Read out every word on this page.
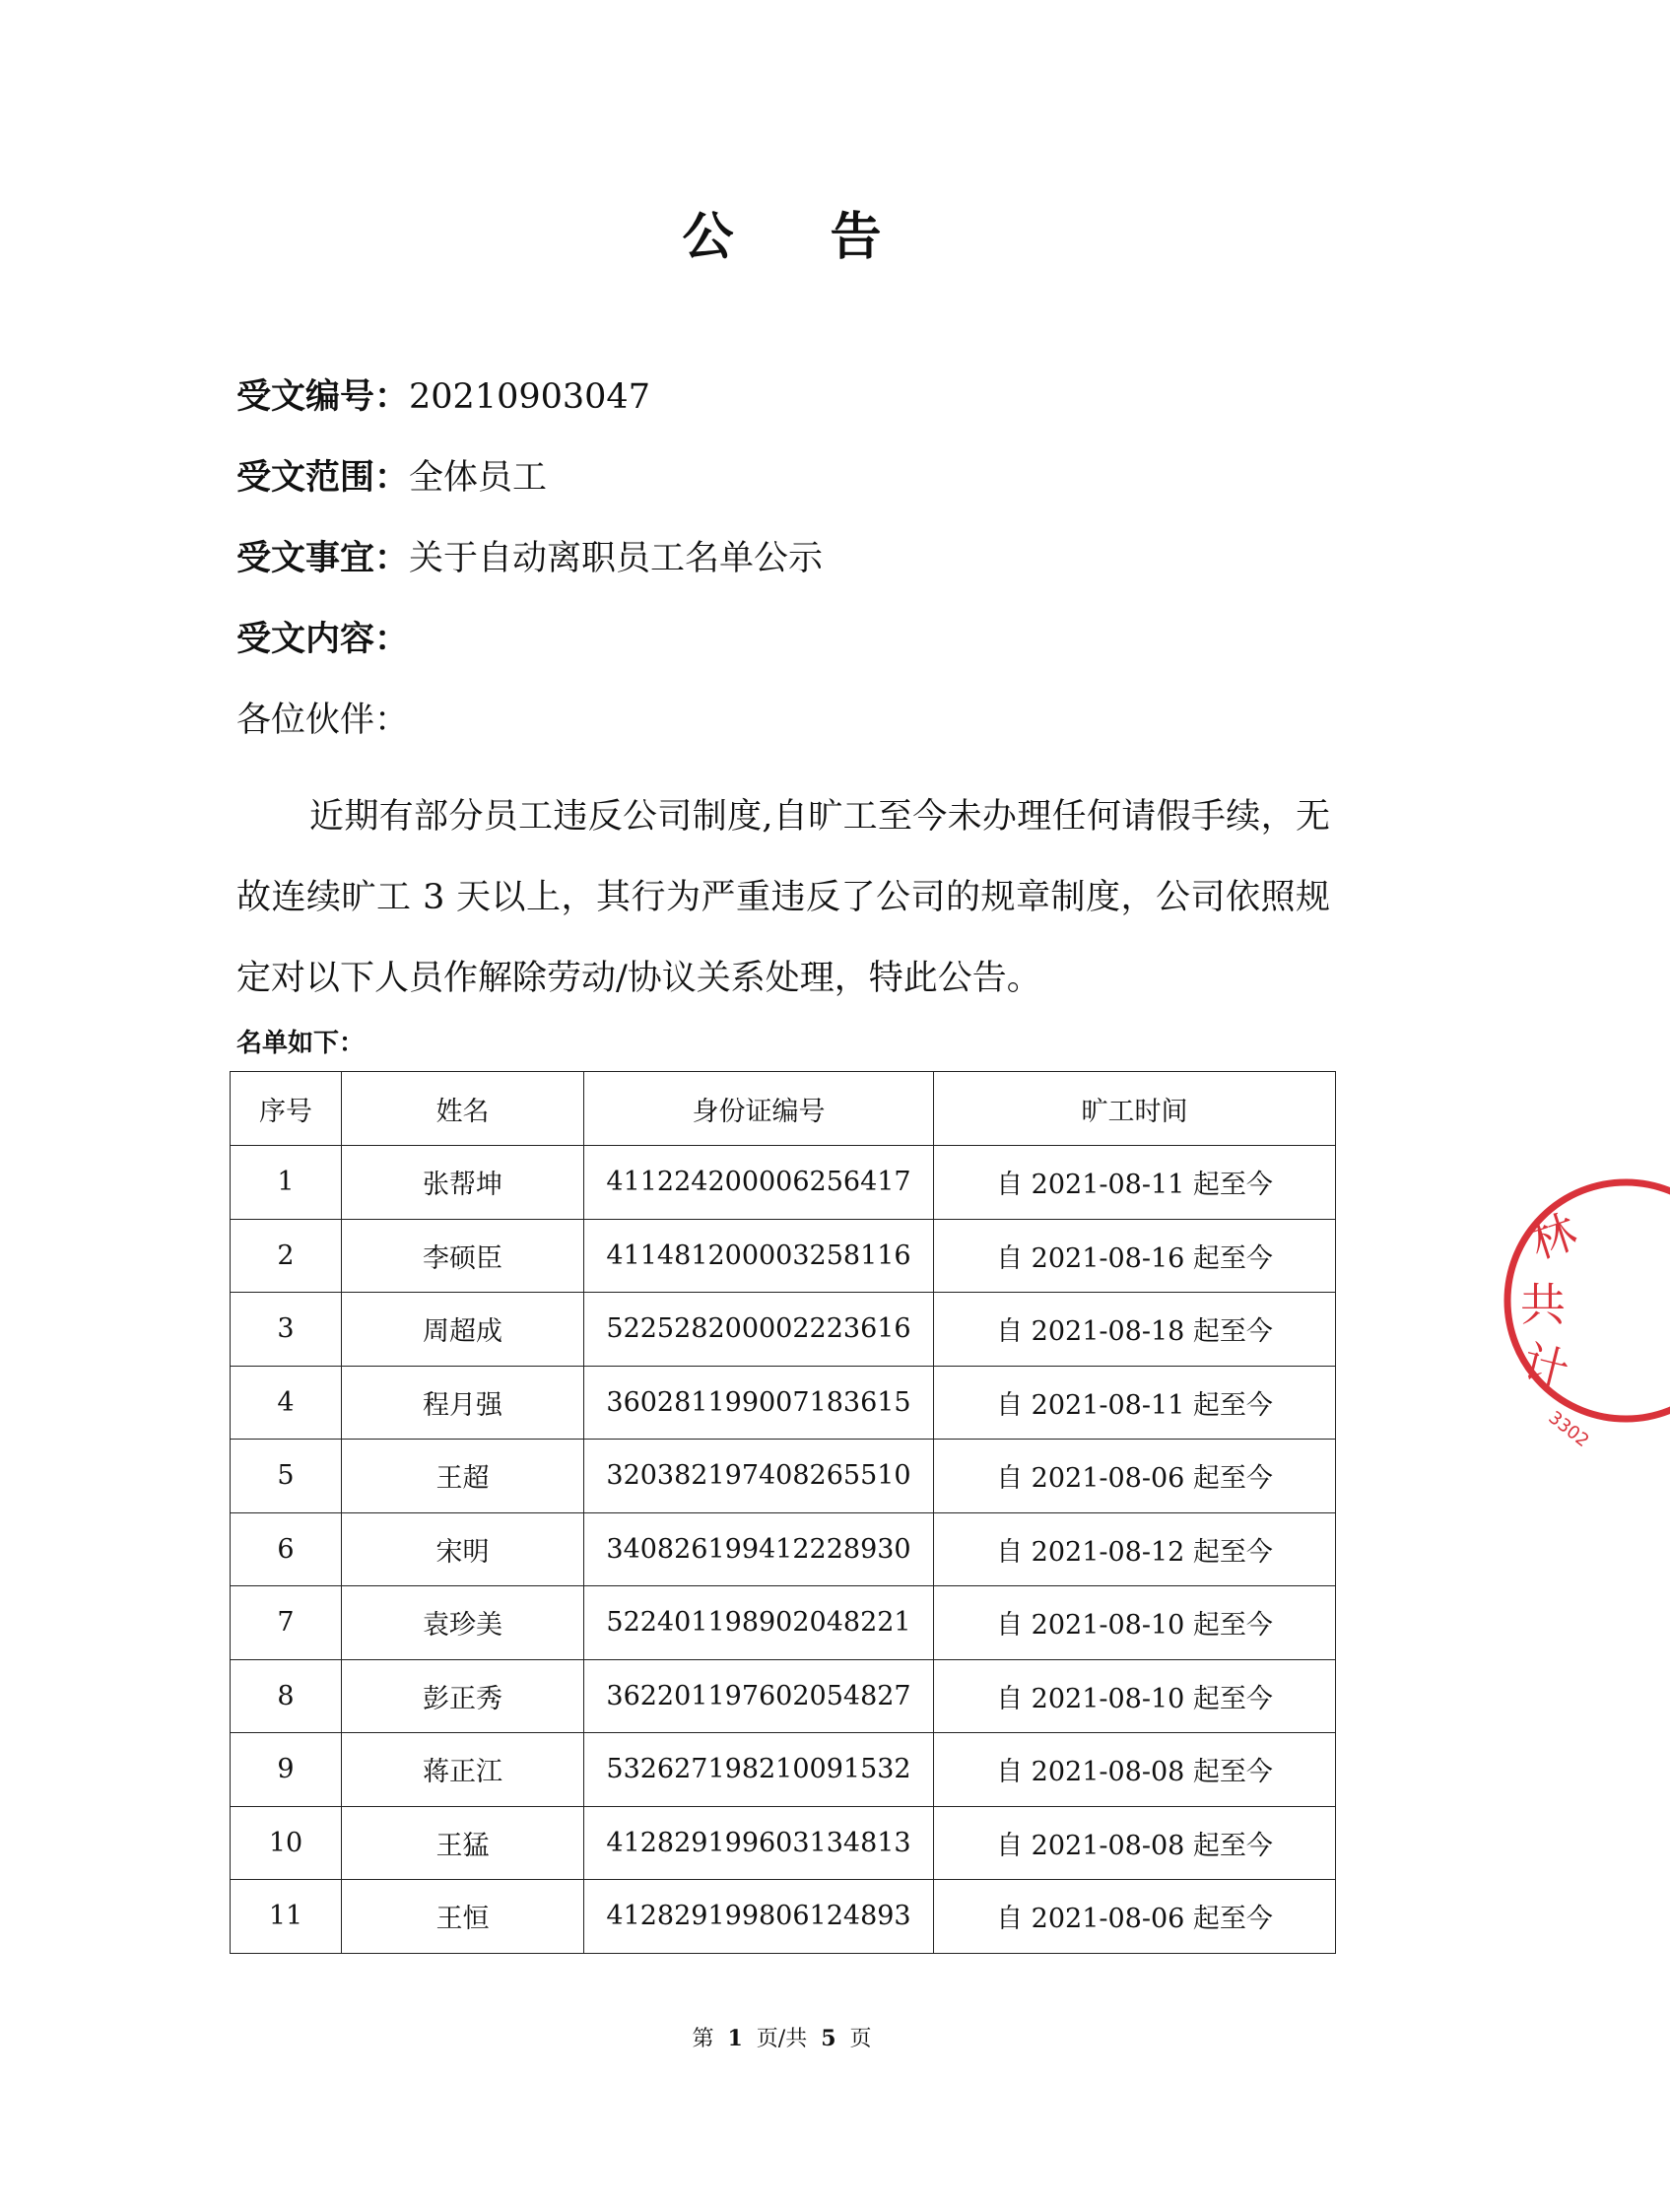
公 告
受文编号：20210903047
受文范围：全体员工
受文事宜：关于自动离职员工名单公示
受文内容：
各位伙伴：
近期有部分员工违反公司制度,自旷工至今未办理任何请假手续，无故连续旷工 3 天以上，其行为严重违反了公司的规章制度，公司依照规定对以下人员作解除劳动/协议关系处理，特此公告。
名单如下：
序号	姓名	身份证编号	旷工时间
1	张帮坤	411224200006256417	自 2021-08-11 起至今
2	李硕臣	411481200003258116	自 2021-08-16 起至今
3	周超成	522528200002223616	自 2021-08-18 起至今
4	程月强	360281199007183615	自 2021-08-11 起至今
5	王超	320382197408265510	自 2021-08-06 起至今
6	宋明	340826199412228930	自 2021-08-12 起至今
7	袁珍美	522401198902048221	自 2021-08-10 起至今
8	彭正秀	362201197602054827	自 2021-08-10 起至今
9	蒋正江	532627198210091532	自 2021-08-08 起至今
10	王猛	412829199603134813	自 2021-08-08 起至今
11	王恒	412829199806124893	自 2021-08-06 起至今
林
共
计
3302
第 1 页/共 5 页
